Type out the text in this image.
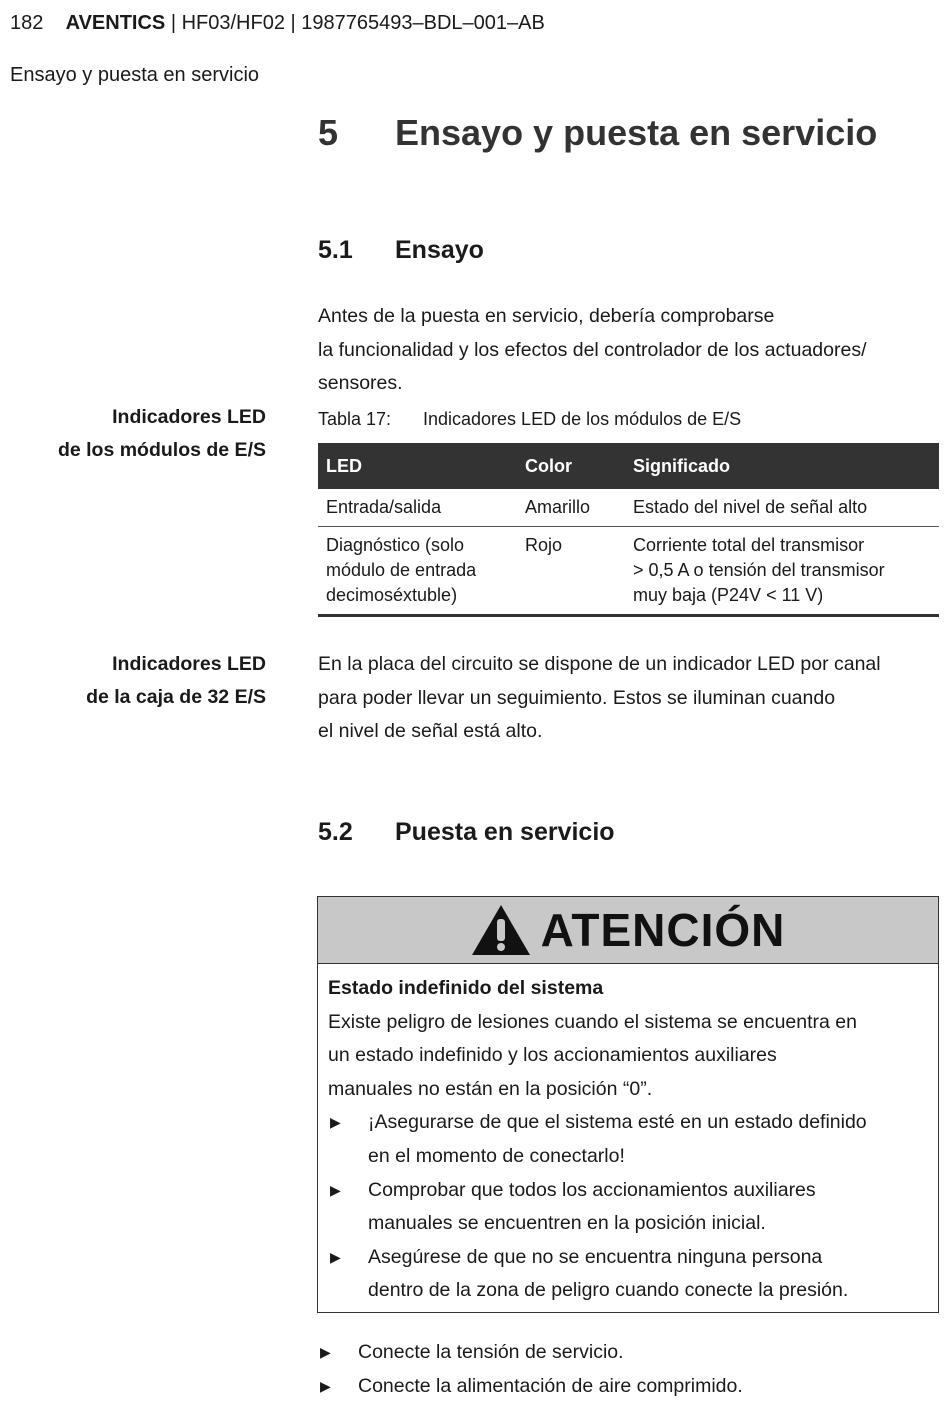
182 AVENTICS | HF03/HF02 | 1987765493–BDL–001–AB
Ensayo y puesta en servicio
5 Ensayo y puesta en servicio
5.1 Ensayo
Antes de la puesta en servicio, debería comprobarse
la funcionalidad y los efectos del controlador de los actuadores/
sensores.
Indicadores LED
de los módulos de E/S
Tabla 17: Indicadores LED de los módulos de E/S
LED	Color	Significado
Entrada/salida	Amarillo	Estado del nivel de señal alto
Diagnóstico (solo
módulo de entrada
decimoséxtuble)	Rojo	Corriente total del transmisor
> 0,5 A o tensión del transmisor
muy baja (P24V < 11 V)
Indicadores LED
de la caja de 32 E/S
En la placa del circuito se dispone de un indicador LED por canal
para poder llevar un seguimiento. Estos se iluminan cuando
el nivel de señal está alto.
5.2 Puesta en servicio
ATENCIÓN
Estado indefinido del sistema
Existe peligro de lesiones cuando el sistema se encuentra en
un estado indefinido y los accionamientos auxiliares
manuales no están en la posición “0”.
▶ ¡Asegurarse de que el sistema esté en un estado definido
en el momento de conectarlo!
▶ Comprobar que todos los accionamientos auxiliares
manuales se encuentren en la posición inicial.
▶ Asegúrese de que no se encuentra ninguna persona
dentro de la zona de peligro cuando conecte la presión.
▶ Conecte la tensión de servicio.
▶ Conecte la alimentación de aire comprimido.
